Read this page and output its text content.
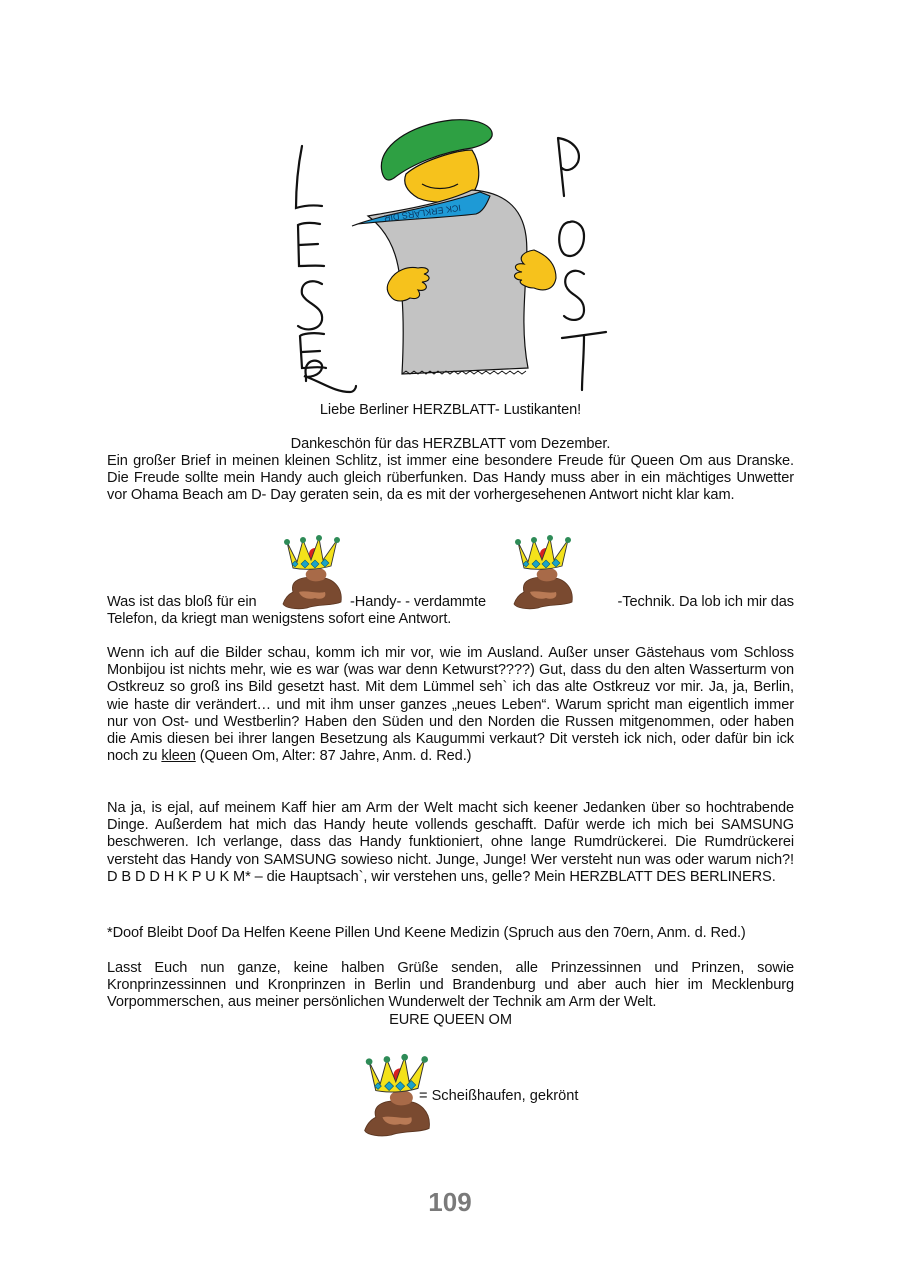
ICK ERKLÄRS DIR
Liebe Berliner HERZBLATT- Lustikanten!
Dankeschön für das HERZBLATT vom Dezember.
Ein großer Brief in meinen kleinen Schlitz, ist immer eine besondere Freude für Queen Om aus Dranske. Die Freude sollte mein Handy auch gleich rüberfunken. Das Handy muss aber in ein mächtiges Unwetter vor Ohama Beach am D- Day geraten sein, da es mit der vorhergesehenen Antwort nicht klar kam.
Was ist das bloß für ein	-Handy- - verdammte	-Technik. Da lob ich mir das
Telefon, da kriegt man wenigstens sofort eine Antwort.
Wenn ich auf die Bilder schau, komm ich mir vor, wie im Ausland. Außer unser Gästehaus vom Schloss Monbijou ist nichts mehr, wie es war (was war denn Ketwurst????) Gut, dass du den alten Wasserturm von Ostkreuz so groß ins Bild gesetzt hast. Mit dem Lümmel seh` ich das alte Ostkreuz vor mir. Ja, ja, Berlin, wie haste dir verändert… und mit ihm unser ganzes „neues Leben“. Warum spricht man eigentlich immer nur von Ost- und Westberlin? Haben den Süden und den Norden die Russen mitgenommen, oder haben die Amis diesen bei ihrer langen Besetzung als Kaugummi verkaut? Dit versteh ick nich, oder dafür bin ick noch zu kleen (Queen Om, Alter: 87 Jahre, Anm. d. Red.)
Na ja, is ejal, auf meinem Kaff hier am Arm der Welt macht sich keener Jedanken über so hochtrabende Dinge. Außerdem hat mich das Handy heute vollends geschafft. Dafür werde ich mich bei SAMSUNG beschweren. Ich verlange, dass das Handy funktioniert, ohne lange Rumdrückerei. Die Rumdrückerei versteht das Handy von SAMSUNG sowieso nicht. Junge, Junge! Wer versteht nun was oder warum nich?! D B D D H K P U K M* – die Hauptsach`, wir verstehen uns, gelle? Mein HERZBLATT DES BERLINERS.
*Doof Bleibt Doof Da Helfen Keene Pillen Und Keene Medizin (Spruch aus den 70ern, Anm. d. Red.)
Lasst Euch nun ganze, keine halben Grüße senden, alle Prinzessinnen und Prinzen, sowie Kronprinzessinnen und Kronprinzen in Berlin und Brandenburg und aber auch hier im Mecklenburg Vorpommerschen, aus meiner persönlichen Wunderwelt der Technik am Arm der Welt.
EURE QUEEN OM
= Scheißhaufen, gekrönt
109
